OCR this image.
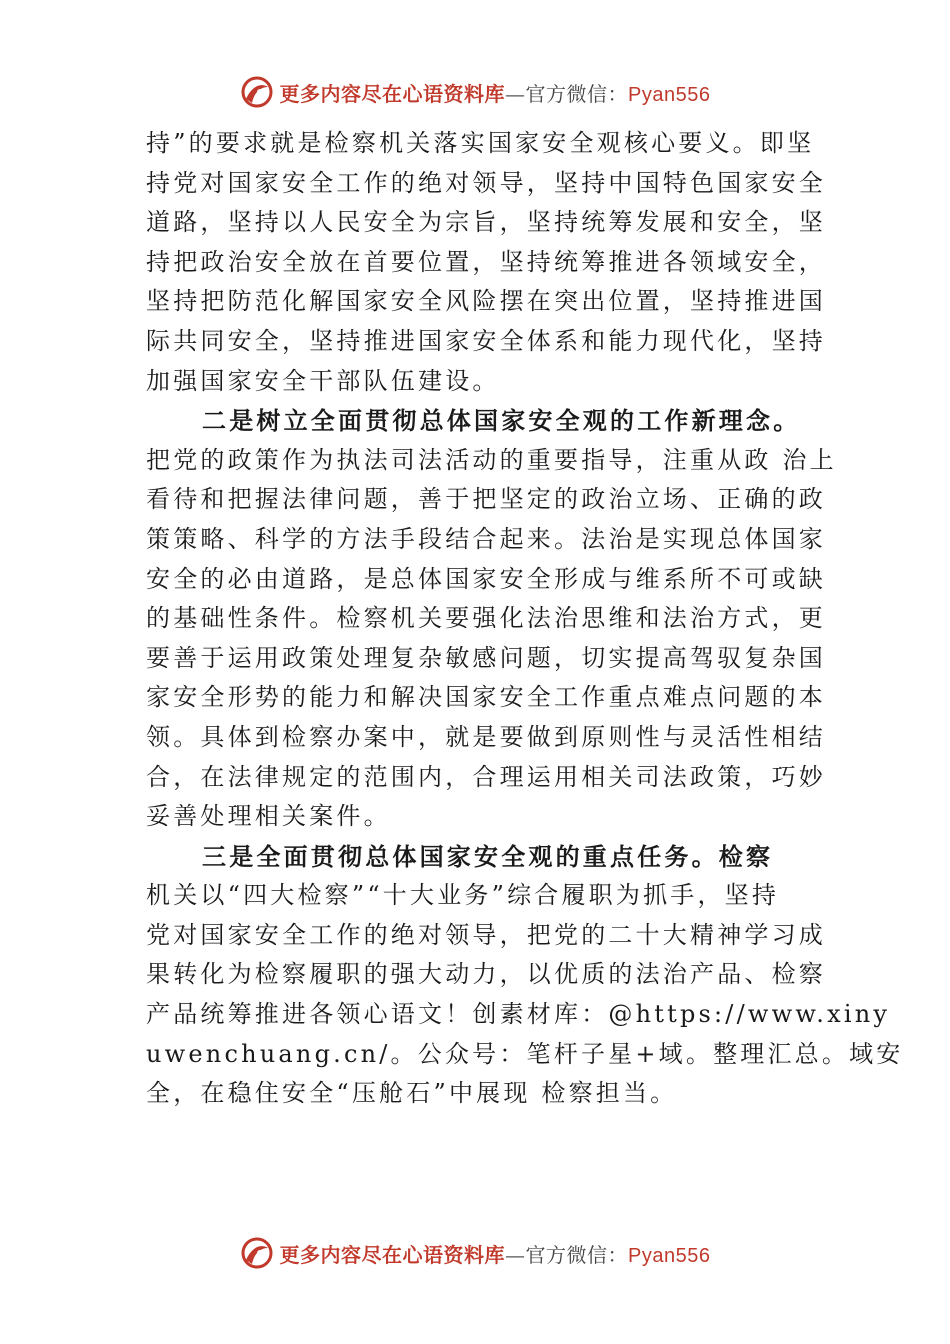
更多内容尽在心语资料库—官方微信：Pyan556
持”的要求就是检察机关落实国家安全观核心要义。即坚
持党对国家安全工作的绝对领导，坚持中国特色国家安全
道路，坚持以人民安全为宗旨，坚持统筹发展和安全，坚
持把政治安全放在首要位置，坚持统筹推进各领域安全，
坚持把防范化解国家安全风险摆在突出位置，坚持推进国
际共同安全，坚持推进国家安全体系和能力现代化，坚持
加强国家安全干部队伍建设。
二是树立全面贯彻总体国家安全观的工作新理念。
把党的政策作为执法司法活动的重要指导，注重从政 治上
看待和把握法律问题，善于把坚定的政治立场、正确的政
策策略、科学的方法手段结合起来。法治是实现总体国家
安全的必由道路，是总体国家安全形成与维系所不可或缺
的基础性条件。检察机关要强化法治思维和法治方式，更
要善于运用政策处理复杂敏感问题，切实提高驾驭复杂国
家安全形势的能力和解决国家安全工作重点难点问题的本
领。具体到检察办案中，就是要做到原则性与灵活性相结
合，在法律规定的范围内，合理运用相关司法政策，巧妙
妥善处理相关案件。
三是全面贯彻总体国家安全观的重点任务。检察
机关以“四大检察”“十大业务”综合履职为抓手，坚持
党对国家安全工作的绝对领导，把党的二十大精神学习成
果转化为检察履职的强大动力，以优质的法治产品、检察
产品统筹推进各领心语文！创素材库：@https://www.xiny
uwenchuang.cn/。公众号：笔杆子星+域。整理汇总。域安
全，在稳住安全“压舱石”中展现 检察担当。
更多内容尽在心语资料库—官方微信：Pyan556
